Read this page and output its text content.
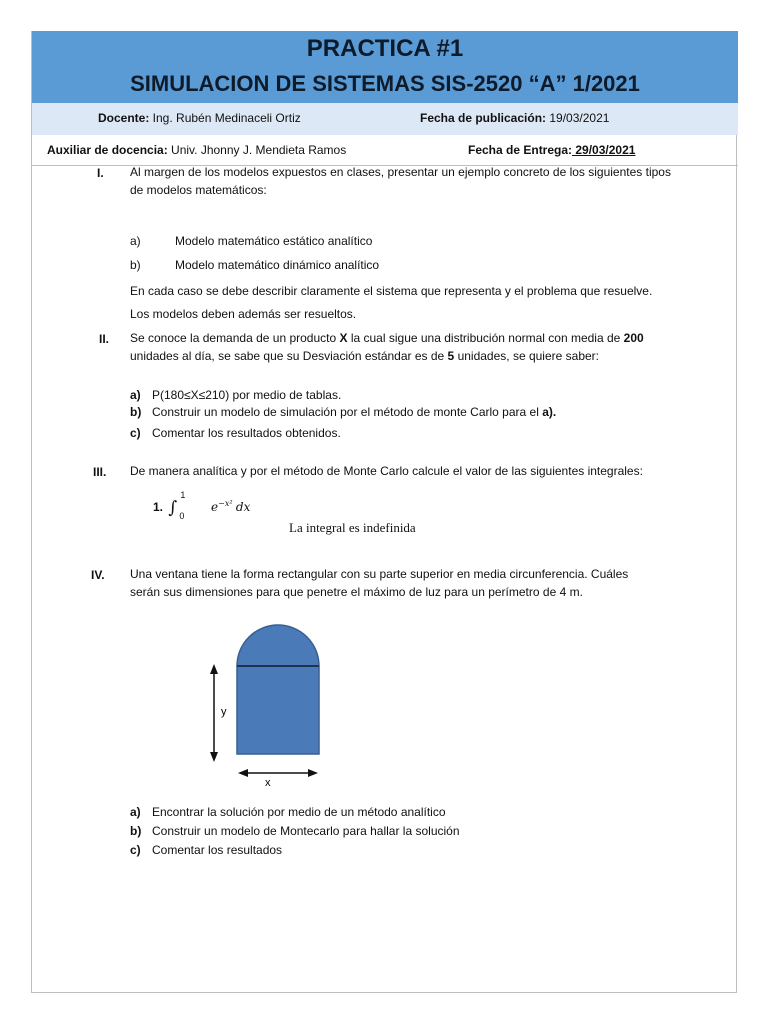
PRACTICA #1
SIMULACION DE SISTEMAS SIS-2520 “A” 1/2021
Docente: Ing. Rubén Medinaceli Ortiz	Fecha de publicación: 19/03/2021
Auxiliar de docencia: Univ. Jhonny J. Mendieta Ramos	Fecha de Entrega: 29/03/2021
I. Al margen de los modelos expuestos en clases, presentar un ejemplo concreto de los siguientes tipos
de modelos matemáticos:
a)	Modelo matemático estático analítico
b)	Modelo matemático dinámico analítico
En cada caso se debe describir claramente el sistema que representa y el problema que resuelve.
Los modelos deben además ser resueltos.
II. Se conoce la demanda de un producto X la cual sigue una distribución normal con media de 200
unidades al día, se sabe que su Desviación estándar es de 5 unidades, se quiere saber:
a) P(180≤X≤210) por medio de tablas.
b) Construir un modelo de simulación por el método de monte Carlo para el a).
c) Comentar los resultados obtenidos.
III. De manera analítica y por el método de Monte Carlo calcule el valor de las siguientes integrales:
1. ∫
1
0
$e^{-x^2}$ dx
La integral es indefinida
IV. Una ventana tiene la forma rectangular con su parte superior en media circunferencia. Cuáles
serán sus dimensiones para que penetre el máximo de luz para un perímetro de 4 m.
y
x
a) Encontrar la solución por medio de un método analítico
b) Construir un modelo de Montecarlo para hallar la solución
c) Comentar los resultados
